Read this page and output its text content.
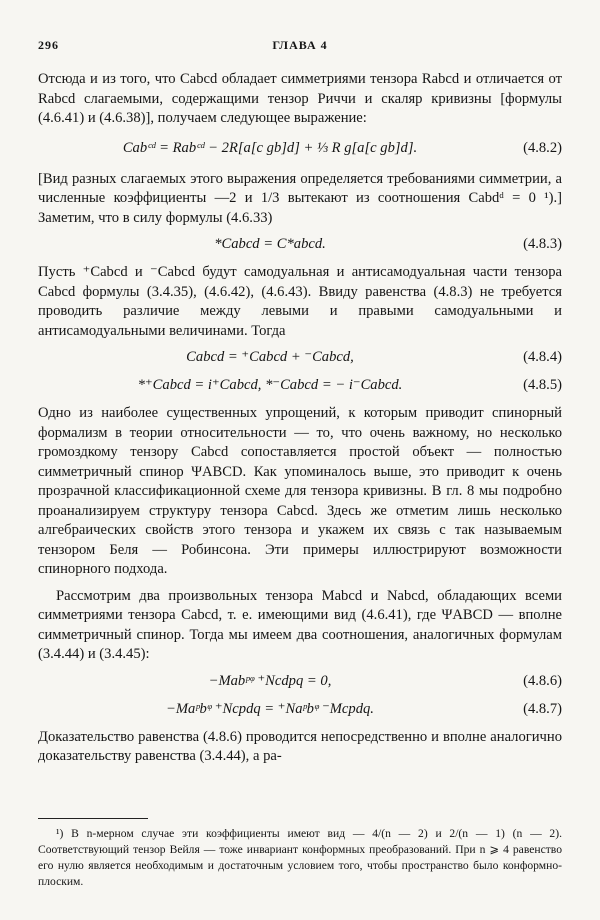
296	ГЛАВА 4

Отсюда и из того, что Cabcd обладает симметриями тензора Rabcd и отличается от Rabcd слагаемыми, содержащими тензор Риччи и скаляр кривизны [формулы (4.6.41) и (4.6.38)], получаем следующее выражение:

Cabᶜᵈ = Rabᶜᵈ − 2R[a[c gb]d] + ⅓ R g[a[c gb]d].	(4.8.2)

[Вид разных слагаемых этого выражения определяется требованиями симметрии, а численные коэффициенты —2 и 1/3 вытекают из соотношения Cabdᵈ = 0 ¹).] Заметим, что в силу формулы (4.6.33)

*Cabcd = C*abcd.	(4.8.3)

Пусть ⁺Cabcd и ⁻Cabcd будут самодуальная и антисамодуальная части тензора Cabcd формулы (3.4.35), (4.6.42), (4.6.43). Ввиду равенства (4.8.3) не требуется проводить различие между левыми и правыми самодуальными и антисамодуальными величинами. Тогда

Cabcd = ⁺Cabcd + ⁻Cabcd,	(4.8.4)
*⁺Cabcd = i⁺Cabcd, *⁻Cabcd = − i⁻Cabcd.	(4.8.5)

Одно из наиболее существенных упрощений, к которым приводит спинорный формализм в теории относительности — то, что очень важному, но несколько громоздкому тензору Cabcd сопоставляется простой объект — полностью симметричный спинор ΨABCD. Как упоминалось выше, это приводит к очень прозрачной классификационной схеме для тензора кривизны. В гл. 8 мы подробно проанализируем структуру тензора Cabcd. Здесь же отметим лишь несколько алгебраических свойств этого тензора и укажем их связь с так называемым тензором Беля — Робинсона. Эти примеры иллюстрируют возможности спинорного подхода.

Рассмотрим два произвольных тензора Mabcd и Nabcd, обладающих всеми симметриями тензора Cabcd, т. е. имеющими вид (4.6.41), где ΨABCD — вполне симметричный спинор. Тогда мы имеем два соотношения, аналогичных формулам (3.4.44) и (3.4.45):

−Mabᵖᵠ ⁺Ncdpq = 0,	(4.8.6)
−Maᵖbᵠ ⁺Ncpdq = ⁺Naᵖbᵠ ⁻Mcpdq.	(4.8.7)

Доказательство равенства (4.8.6) проводится непосредственно и вполне аналогично доказательству равенства (3.4.44), а ра-

¹) В n-мерном случае эти коэффициенты имеют вид — 4/(n — 2) и 2/(n — 1) (n — 2). Соответствующий тензор Вейля — тоже инвариант конформных преобразований. При n ⩾ 4 равенство его нулю является необходимым и достаточным условием того, чтобы пространство было конформно-плоским.
